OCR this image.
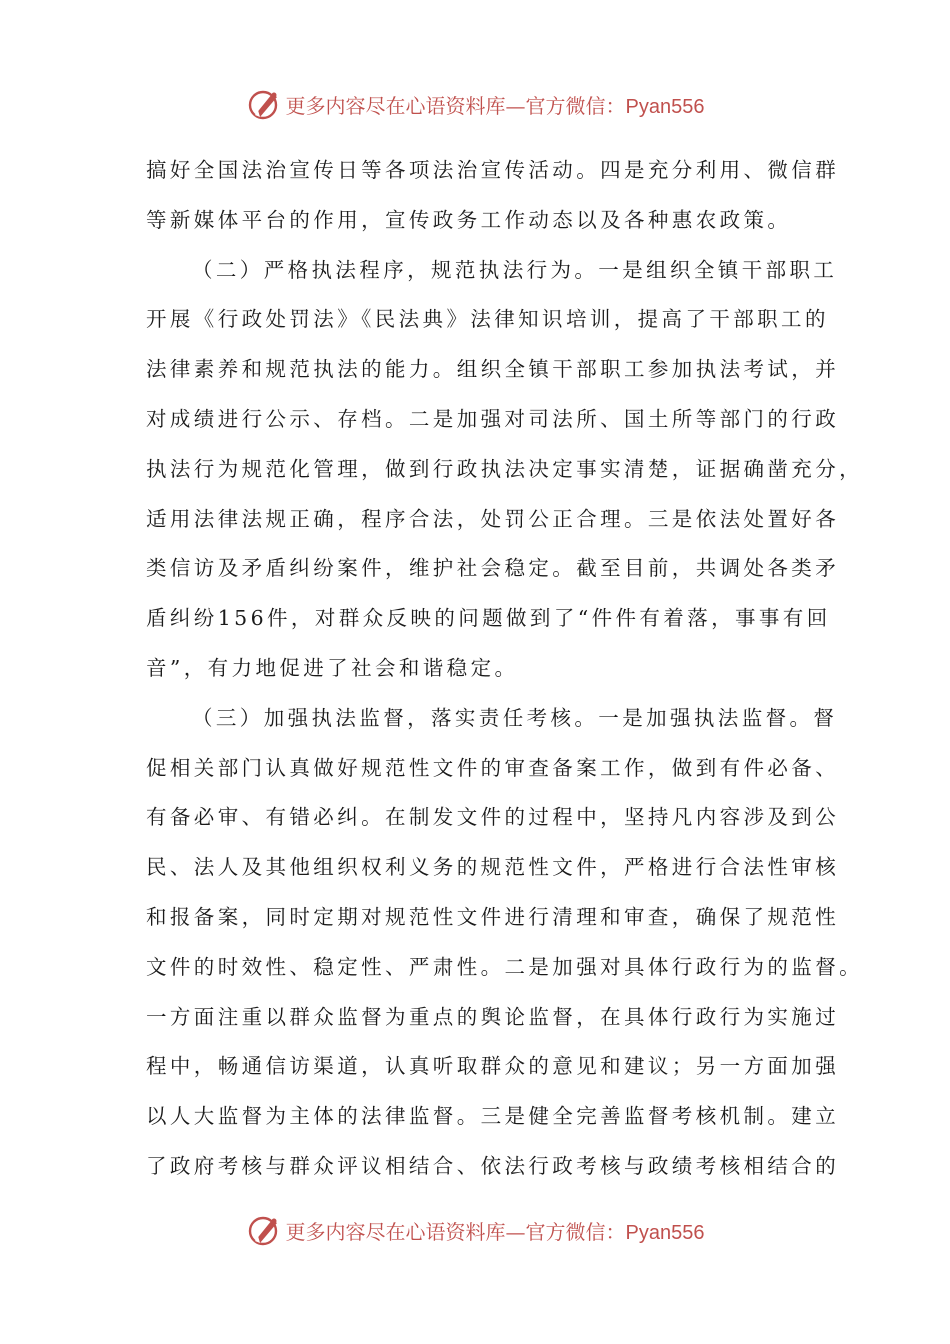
更多内容尽在心语资料库—官方微信：Pyan556

搞好全国法治宣传日等各项法治宣传活动。四是充分利用、微信群

等新媒体平台的作用，宣传政务工作动态以及各种惠农政策。

（二）严格执法程序，规范执法行为。一是组织全镇干部职工

开展《行政处罚法》《民法典》法律知识培训，提高了干部职工的

法律素养和规范执法的能力。组织全镇干部职工参加执法考试，并

对成绩进行公示、存档。二是加强对司法所、国土所等部门的行政

执法行为规范化管理，做到行政执法决定事实清楚，证据确凿充分，

适用法律法规正确，程序合法，处罚公正合理。三是依法处置好各

类信访及矛盾纠纷案件，维护社会稳定。截至目前，共调处各类矛

盾纠纷156件，对群众反映的问题做到了“件件有着落，事事有回

音”，有力地促进了社会和谐稳定。

（三）加强执法监督，落实责任考核。一是加强执法监督。督

促相关部门认真做好规范性文件的审查备案工作，做到有件必备、

有备必审、有错必纠。在制发文件的过程中，坚持凡内容涉及到公

民、法人及其他组织权利义务的规范性文件，严格进行合法性审核

和报备案，同时定期对规范性文件进行清理和审查，确保了规范性

文件的时效性、稳定性、严肃性。二是加强对具体行政行为的监督。

一方面注重以群众监督为重点的舆论监督，在具体行政行为实施过

程中，畅通信访渠道，认真听取群众的意见和建议；另一方面加强

以人大监督为主体的法律监督。三是健全完善监督考核机制。建立

了政府考核与群众评议相结合、依法行政考核与政绩考核相结合的

更多内容尽在心语资料库—官方微信：Pyan556
